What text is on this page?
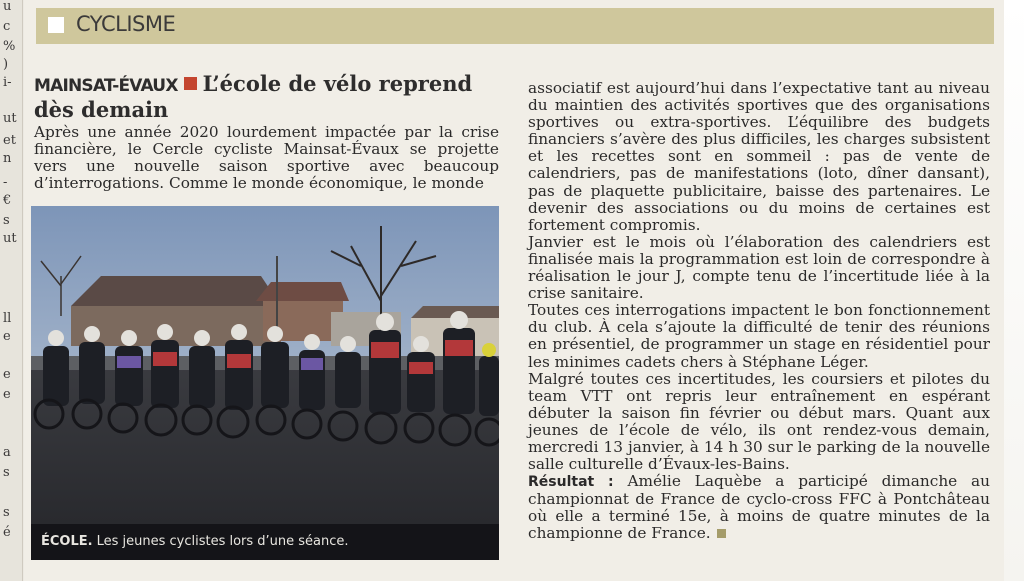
u
c
%
)
i-
ut
et
n
-
€
s
ut
ll
e
e
e
a
s
s
é
CYCLISME
MAINSAT-ÉVAUX L’école de vélo reprend dès demain
Après une année 2020 lourdement impactée par la crise financière, le Cercle cycliste Mainsat-Évaux se projette vers une nouvelle saison sportive avec beaucoup d’interrogations. Comme le monde économique, le monde
ÉCOLE. Les jeunes cyclistes lors d’une séance.

associatif est aujourd’hui dans l’expectative tant au niveau du maintien des activités sportives que des organisations sportives ou extra-sportives. L’équilibre des budgets financiers s’avère des plus difficiles, les charges subsistent et les recettes sont en sommeil : pas de vente de calendriers, pas de manifestations (loto, dîner dansant), pas de plaquette publicitaire, baisse des partenaires. Le devenir des associations ou du moins de certaines est fortement compromis.

Janvier est le mois où l’élaboration des calendriers est finalisée mais la programmation est loin de correspondre à réalisation le jour J, compte tenu de l’incertitude liée à la crise sanitaire.

Toutes ces interrogations impactent le bon fonctionnement du club. À cela s’ajoute la difficulté de tenir des réunions en présentiel, de programmer un stage en résidentiel pour les minimes cadets chers à Stéphane Léger.

Malgré toutes ces incertitudes, les coursiers et pilotes du team VTT ont repris leur entraînement en espérant débuter la saison fin février ou début mars. Quant aux jeunes de l’école de vélo, ils ont rendez-vous demain, mercredi 13 janvier, à 14 h 30 sur le parking de la nouvelle salle culturelle d’Évaux-les-Bains.

Résultat : Amélie Laquèbe a participé dimanche au championnat de France de cyclo-cross FFC à Pontchâteau où elle a terminé 15e, à moins de quatre minutes de la championne de France.
